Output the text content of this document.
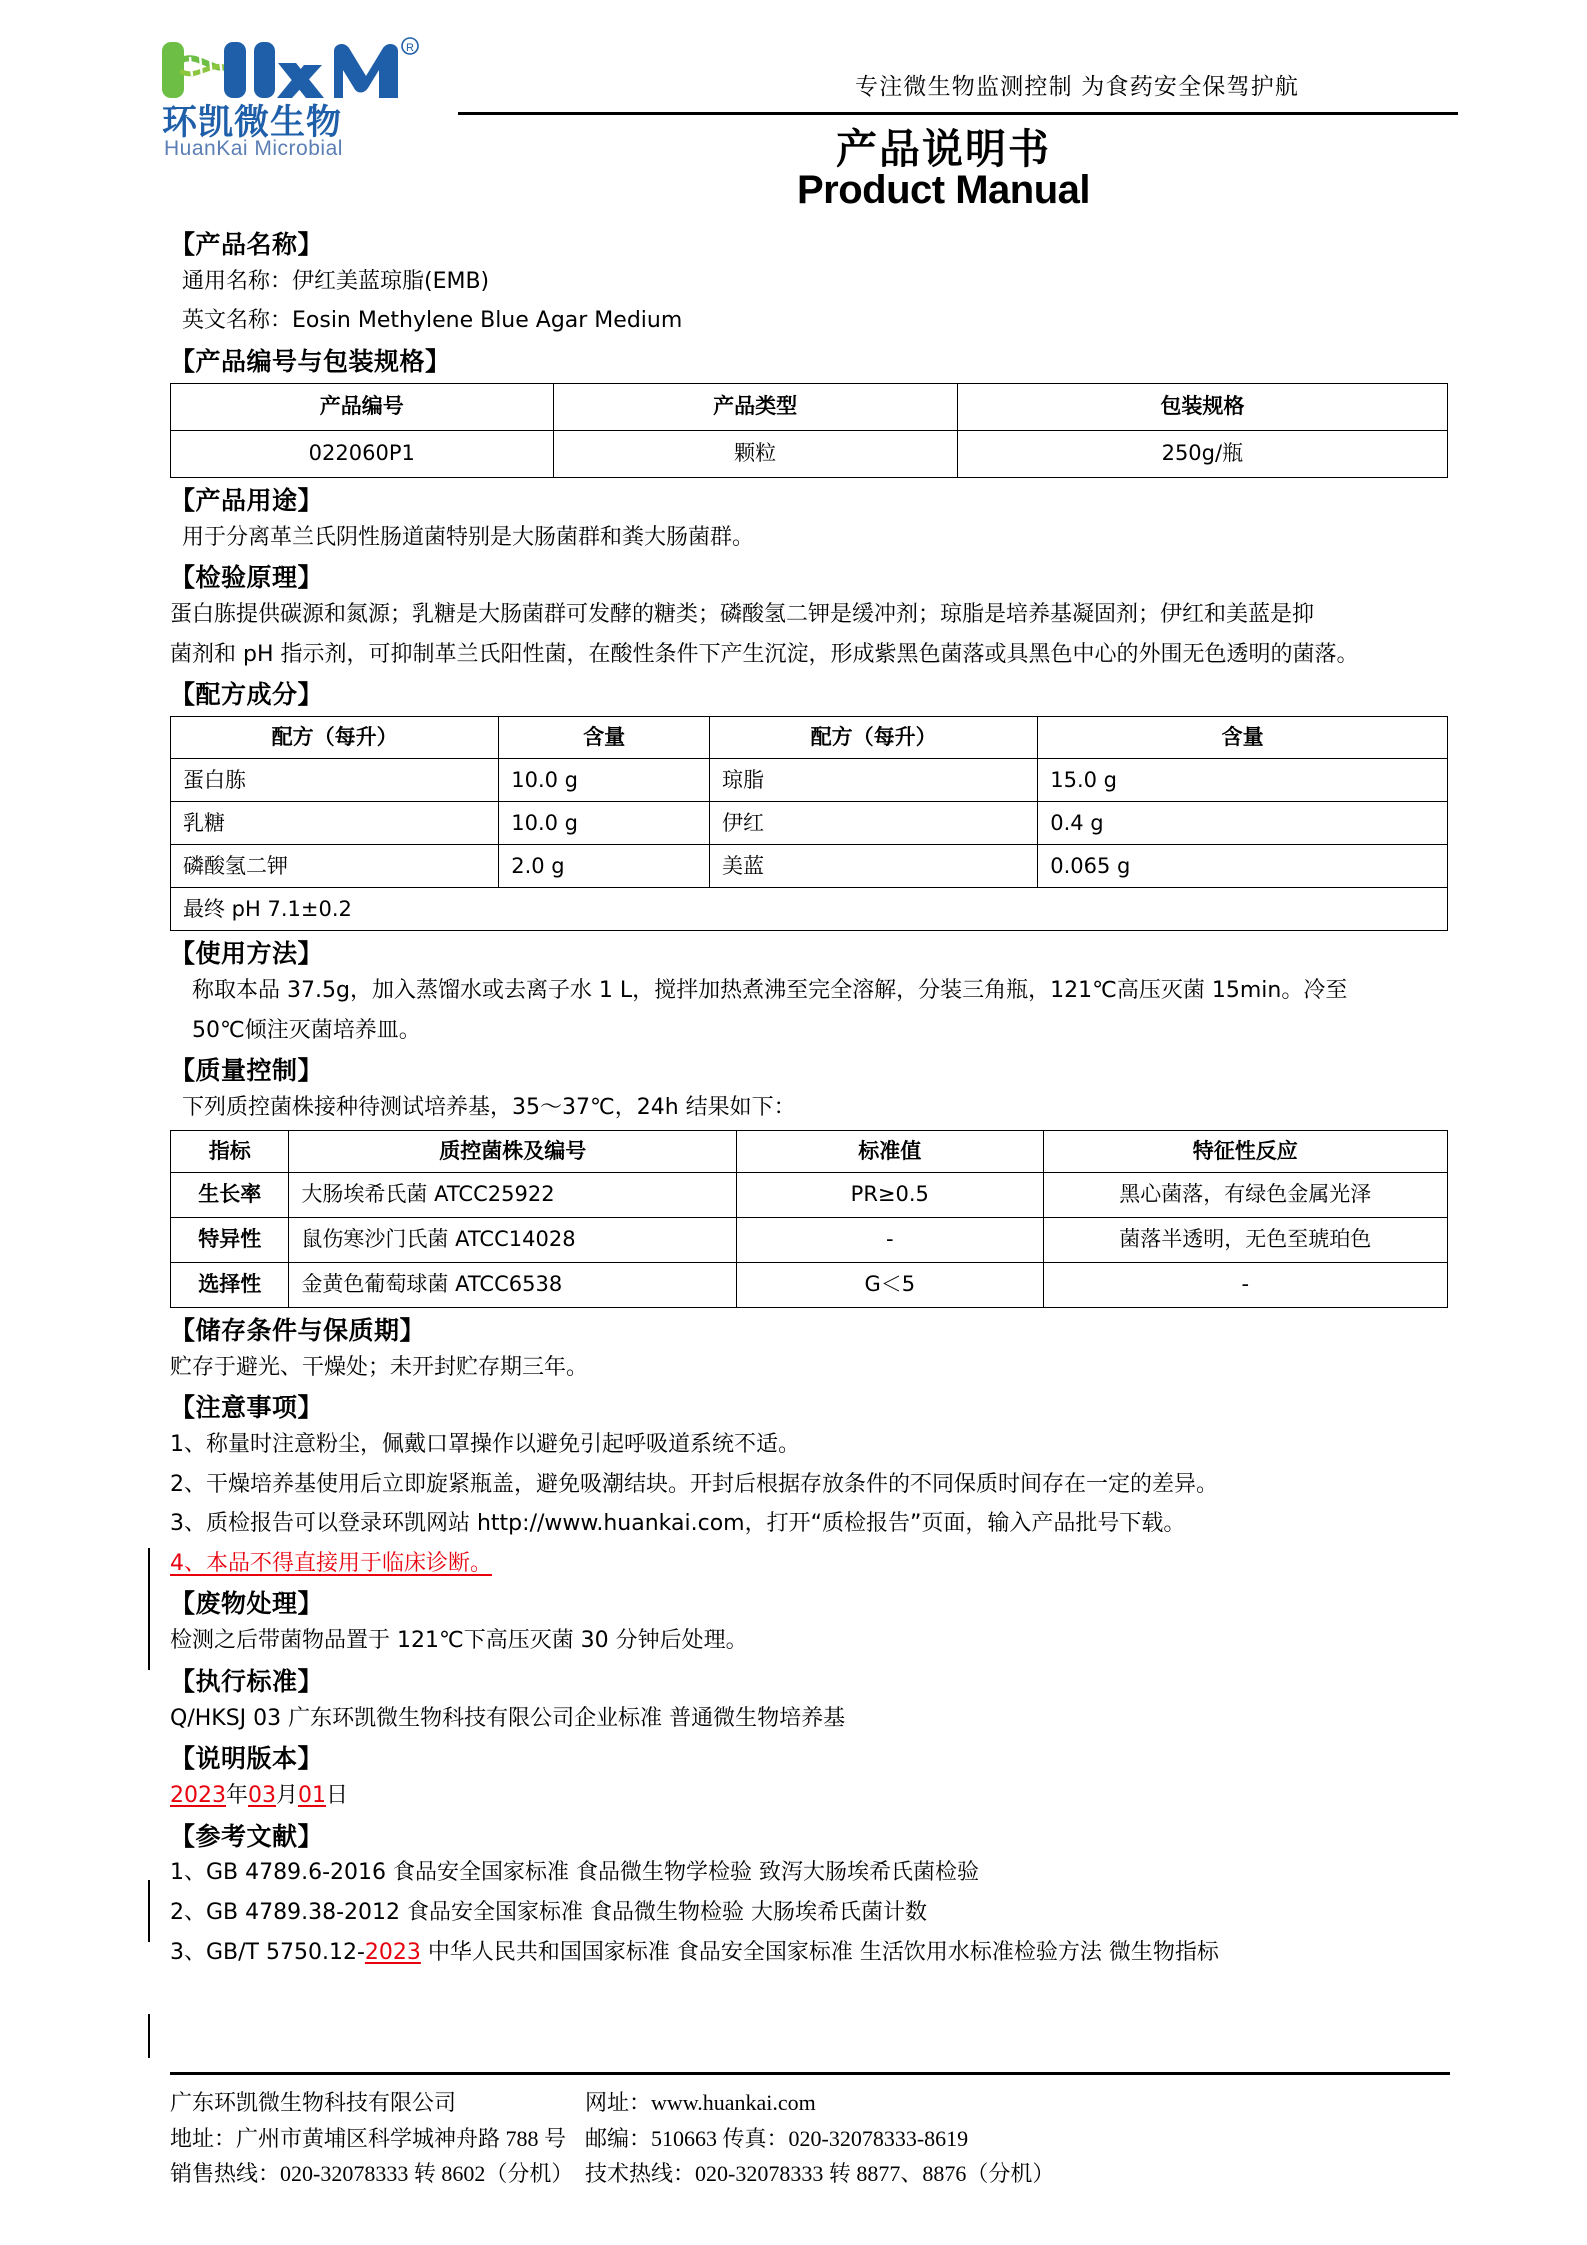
R
环凯微生物
HuanKai Microbial
专注微生物监测控制 为食药安全保驾护航
产品说明书
Product Manual
【产品名称】

通用名称：伊红美蓝琼脂(EMB)

英文名称：Eosin Methylene Blue Agar Medium

【产品编号与包装规格】
产品编号	产品类型	包装规格
022060P1	颗粒	250g/瓶
【产品用途】

用于分离革兰氏阴性肠道菌特别是大肠菌群和粪大肠菌群。

【检验原理】

蛋白胨提供碳源和氮源；乳糖是大肠菌群可发酵的糖类；磷酸氢二钾是缓冲剂；琼脂是培养基凝固剂；伊红和美蓝是抑

菌剂和 pH 指示剂，可抑制革兰氏阳性菌，在酸性条件下产生沉淀，形成紫黑色菌落或具黑色中心的外围无色透明的菌落。

【配方成分】
配方（每升）	含量	配方（每升）	含量
蛋白胨	10.0 g	琼脂	15.0 g
乳糖	10.0 g	伊红	0.4 g
磷酸氢二钾	2.0 g	美蓝	0.065 g
最终 pH 7.1±0.2			
【使用方法】

称取本品 37.5g，加入蒸馏水或去离子水 1 L，搅拌加热煮沸至完全溶解，分装三角瓶，121℃高压灭菌 15min。冷至

50℃倾注灭菌培养皿。

【质量控制】

下列质控菌株接种待测试培养基，35～37℃，24h 结果如下：

指标	质控菌株及编号	标准值	特征性反应
生长率	大肠埃希氏菌 ATCC25922	PR≥0.5	黑心菌落，有绿色金属光泽
特异性	鼠伤寒沙门氏菌 ATCC14028	-	菌落半透明，无色至琥珀色
选择性	金黄色葡萄球菌 ATCC6538	G＜5	-
【储存条件与保质期】

贮存于避光、干燥处；未开封贮存期三年。

【注意事项】

1、称量时注意粉尘，佩戴口罩操作以避免引起呼吸道系统不适。

2、干燥培养基使用后立即旋紧瓶盖，避免吸潮结块。开封后根据存放条件的不同保质时间存在一定的差异。

3、质检报告可以登录环凯网站 http://www.huankai.com，打开“质检报告”页面，输入产品批号下载。

4、本品不得直接用于临床诊断。

【废物处理】

检测之后带菌物品置于 121℃下高压灭菌 30 分钟后处理。

【执行标准】

Q/HKSJ 03 广东环凯微生物科技有限公司企业标准 普通微生物培养基

【说明版本】

2023年03月01日

【参考文献】

1、GB 4789.6-2016 食品安全国家标准 食品微生物学检验 致泻大肠埃希氏菌检验

2、GB 4789.38-2012 食品安全国家标准 食品微生物检验 大肠埃希氏菌计数

3、GB/T 5750.12-2023 中华人民共和国国家标准 食品安全国家标准 生活饮用水标准检验方法 微生物指标

广东环凯微生物科技有限公司
地址：广州市黄埔区科学城神舟路 788 号
销售热线：020-32078333 转 8602（分机）
网址：www.huankai.com
邮编：510663 传真：020-32078333-8619
技术热线：020-32078333 转 8877、8876（分机）
